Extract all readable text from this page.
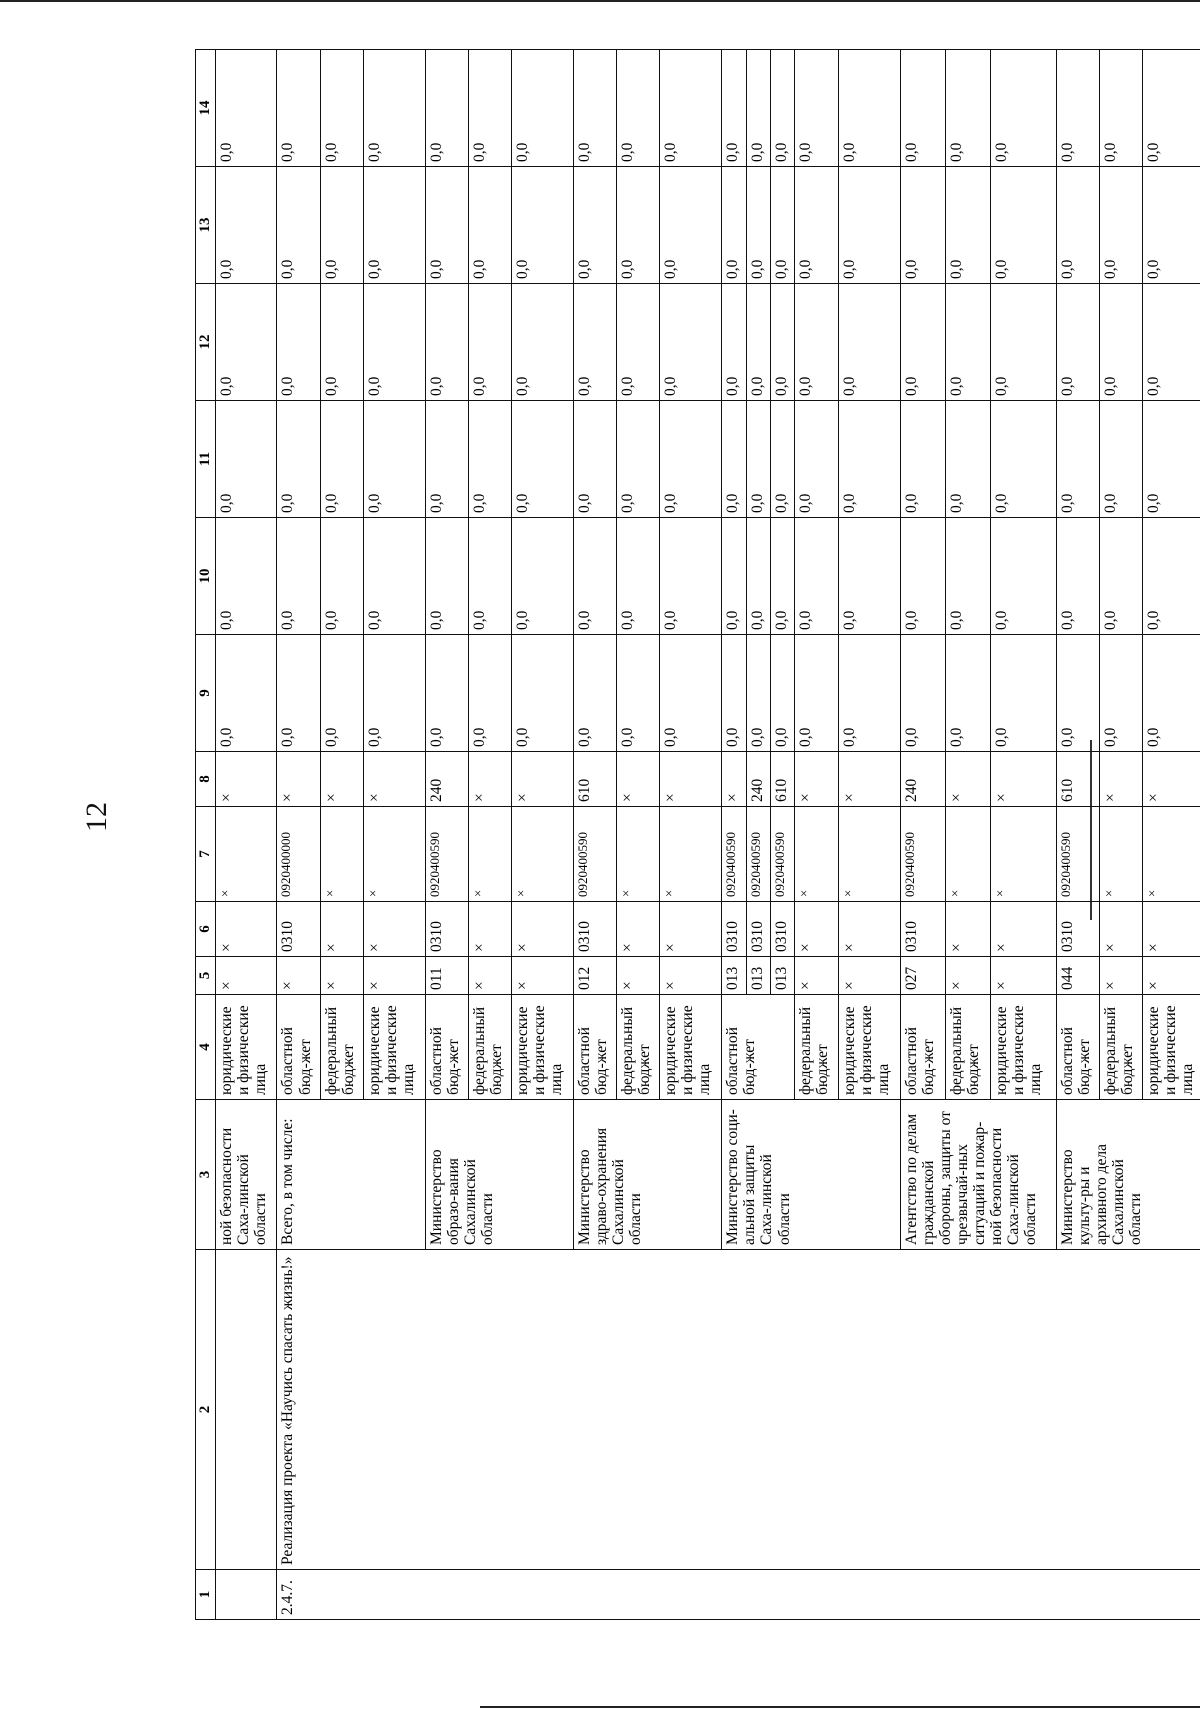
12
1	2	3	4	5	6	7	8	9	10	11	12	13	14
		ной безопасности Саха-линской области	юридические и физические лица	×	×	×	×	0,0	0,0	0,0	0,0	0,0	0,0
2.4.7.	Реализация проекта «Научись спасать жизнь!»	Всего, в том числе:	областной бюд-жет	×	0310	0920400000	×	0,0	0,0	0,0	0,0	0,0	0,0
			федеральный бюджет	×	×	×	×	0,0	0,0	0,0	0,0	0,0	0,0
			юридические и физические лица	×	×	×	×	0,0	0,0	0,0	0,0	0,0	0,0
		Министерство образо-вания Сахалинской области	областной бюд-жет	011	0310	0920400590	240	0,0	0,0	0,0	0,0	0,0	0,0
			федеральный бюджет	×	×	×	×	0,0	0,0	0,0	0,0	0,0	0,0
			юридические и физические лица	×	×	×	×	0,0	0,0	0,0	0,0	0,0	0,0
		Министерство здраво-охранения Сахалинской области	областной бюд-жет	012	0310	0920400590	610	0,0	0,0	0,0	0,0	0,0	0,0
			федеральный бюджет	×	×	×	×	0,0	0,0	0,0	0,0	0,0	0,0
			юридические и физические лица	×	×	×	×	0,0	0,0	0,0	0,0	0,0	0,0
		Министерство соци-альной защиты Саха-линской области	областной бюд-жет	013	0310	0920400590	×	0,0	0,0	0,0	0,0	0,0	0,0
				013	0310	0920400590	240	0,0	0,0	0,0	0,0	0,0	0,0
				013	0310	0920400590	610	0,0	0,0	0,0	0,0	0,0	0,0
			федеральный бюджет	×	×	×	×	0,0	0,0	0,0	0,0	0,0	0,0
			юридические и физические лица	×	×	×	×	0,0	0,0	0,0	0,0	0,0	0,0
		Агентство по делам гражданской обороны, защиты от чрезвычай-ных ситуаций и пожар-ной безопасности Саха-линской области	областной бюд-жет	027	0310	0920400590	240	0,0	0,0	0,0	0,0	0,0	0,0
			федеральный бюджет	×	×	×	×	0,0	0,0	0,0	0,0	0,0	0,0
			юридические и физические лица	×	×	×	×	0,0	0,0	0,0	0,0	0,0	0,0
		Министерство культу-ры и архивного дела Сахалинской области	областной бюд-жет	044	0310	0920400590	610	0,0	0,0	0,0	0,0	0,0	0,0
			федеральный бюджет	×	×	×	×	0,0	0,0	0,0	0,0	0,0	0,0
			юридические и физические лица	×	×	×	×	0,0	0,0	0,0	0,0	0,0	0,0
